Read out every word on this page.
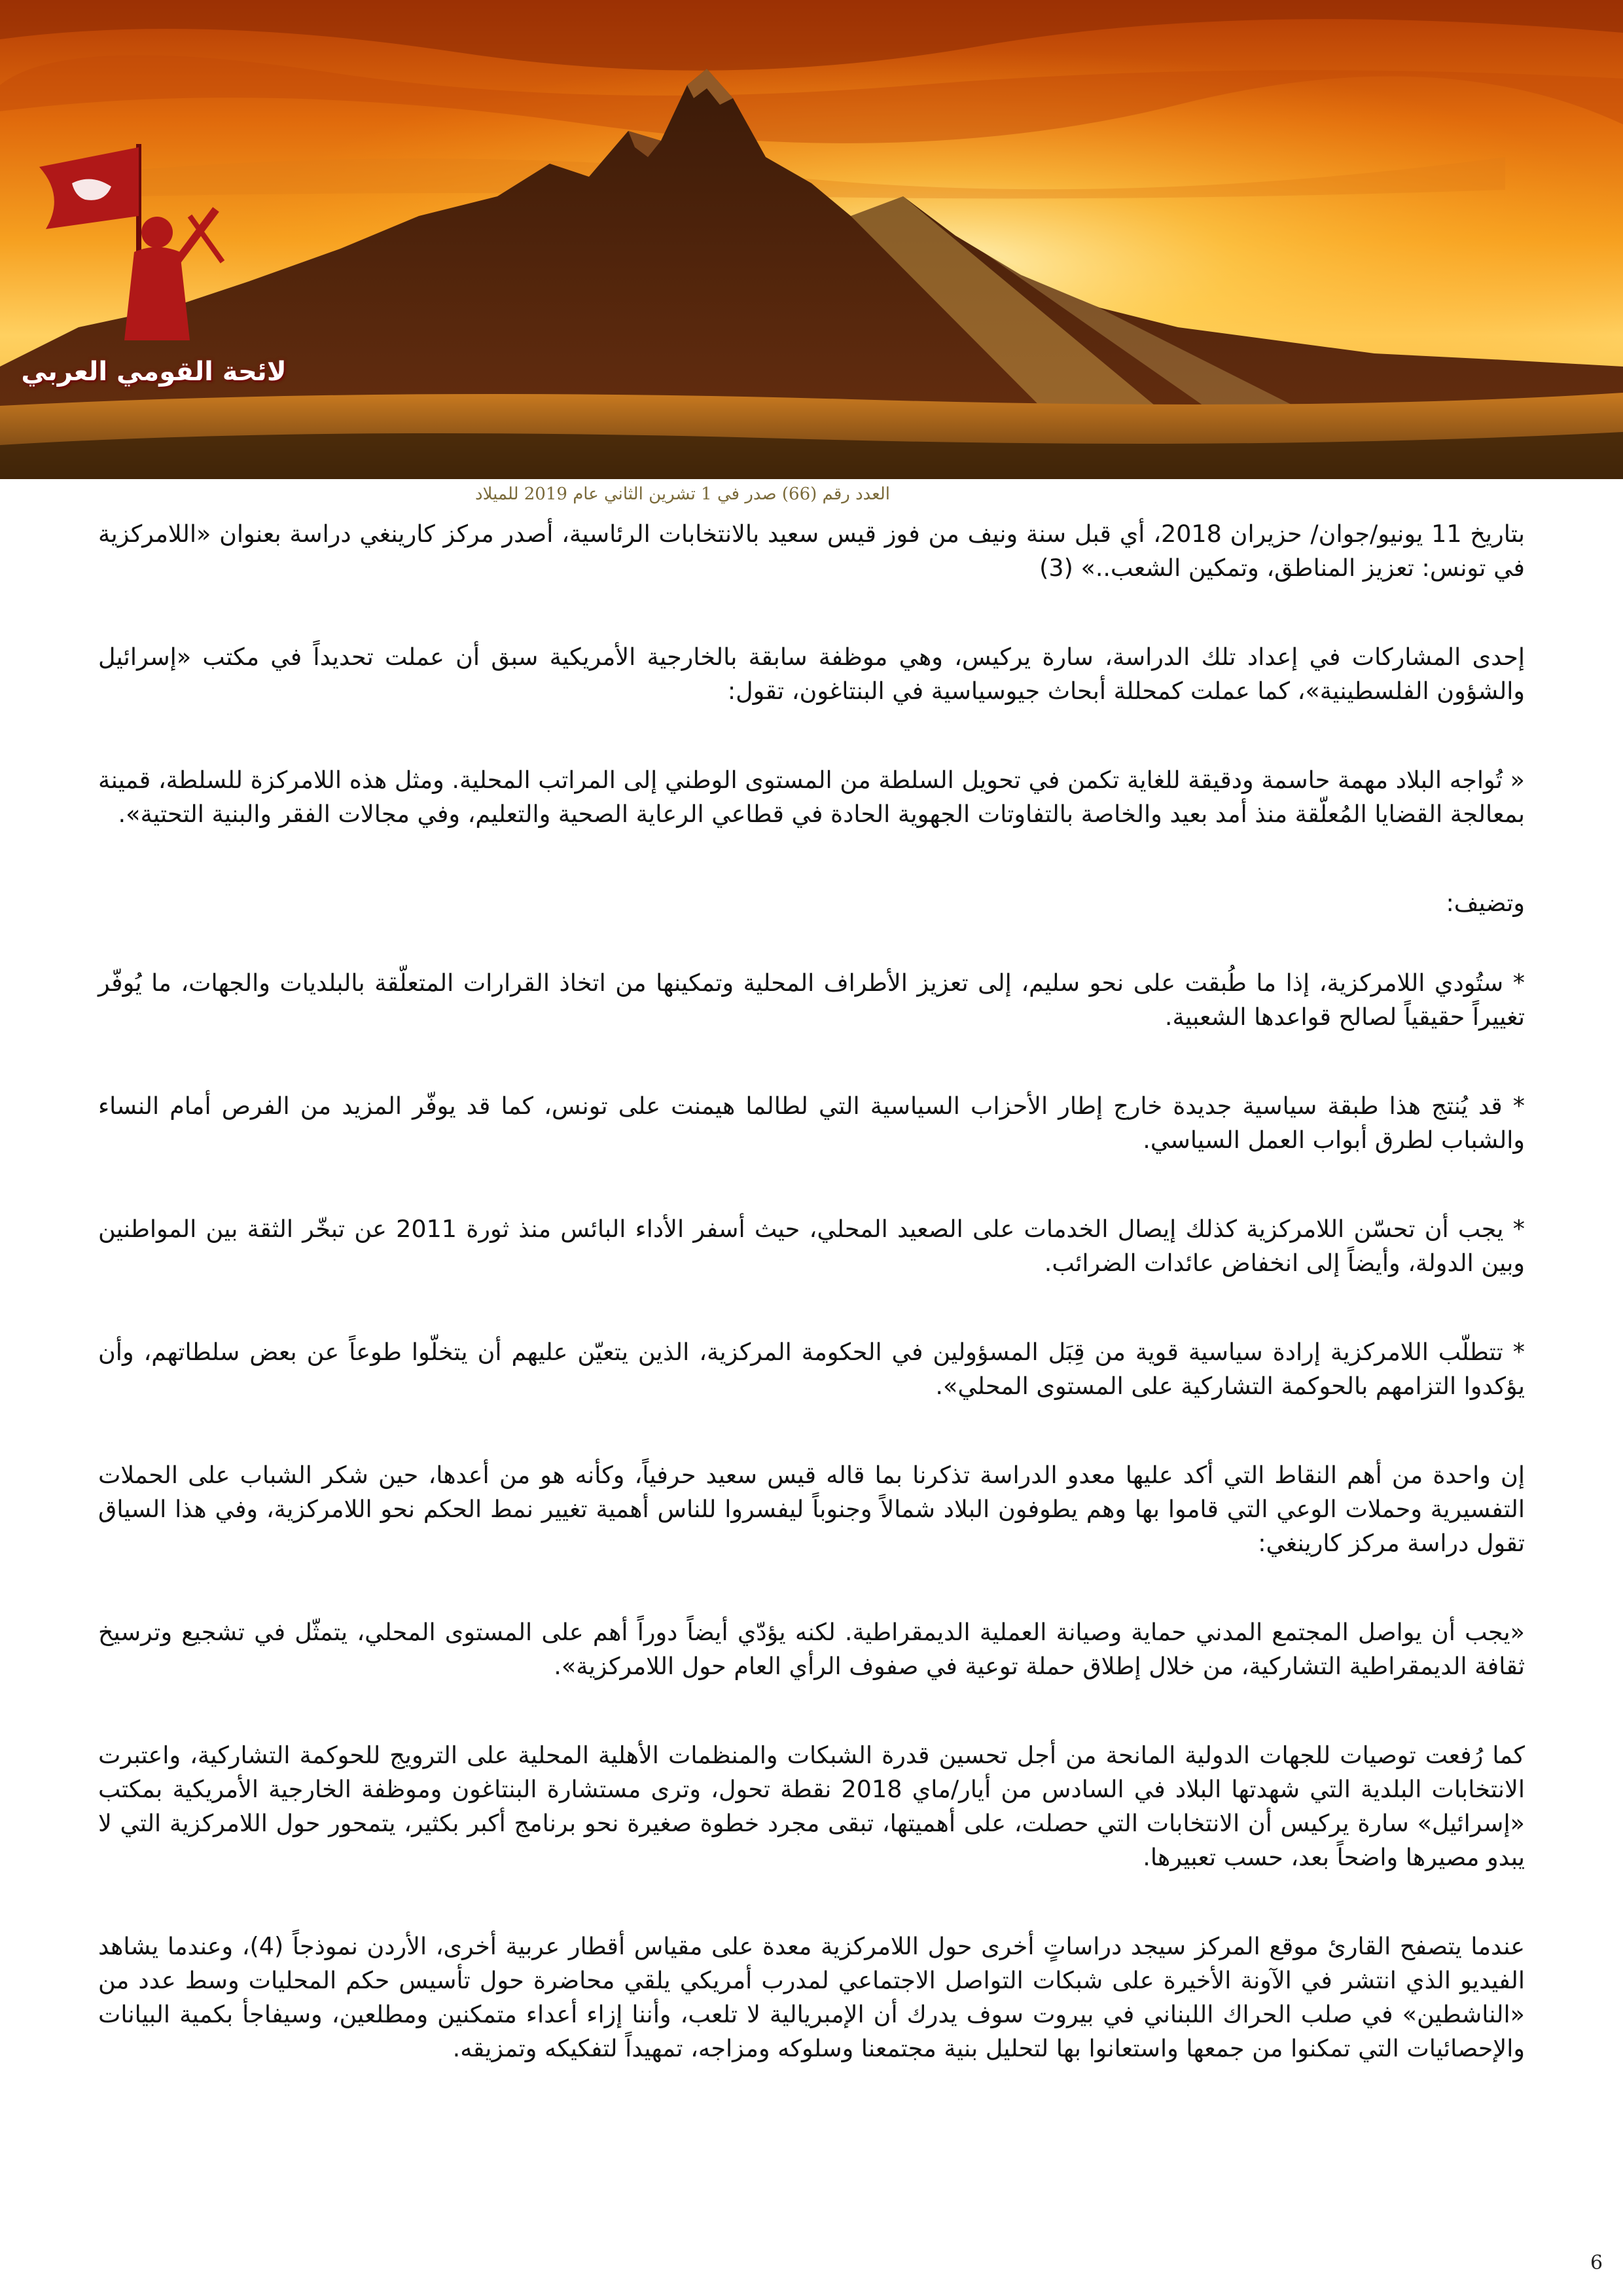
لائحة القومي العربي
العدد رقم (66) صدر في 1 تشرين الثاني عام 2019 للميلاد

بتاريخ 11 يونيو/جوان/ حزيران 2018، أي قبل سنة ونيف من فوز قيس سعيد بالانتخابات الرئاسية، أصدر مركز كارينغي دراسة بعنوان «اللامركزية في تونس: تعزيز المناطق، وتمكين الشعب..» (3)

إحدى المشاركات في إعداد تلك الدراسة، سارة يركيس، وهي موظفة سابقة بالخارجية الأمريكية سبق أن عملت تحديداً في مكتب «إسرائيل والشؤون الفلسطينية»، كما عملت كمحللة أبحاث جيوسياسية في البنتاغون، تقول:

« تُواجه البلاد مهمة حاسمة ودقيقة للغاية تكمن في تحويل السلطة من المستوى الوطني إلى المراتب المحلية. ومثل هذه اللامركزة للسلطة، قمينة بمعالجة القضايا المُعلّقة منذ أمد بعيد والخاصة بالتفاوتات الجهوية الحادة في قطاعي الرعاية الصحية والتعليم، وفي مجالات الفقر والبنية التحتية».

وتضيف:

* ستُودي اللامركزية، إذا ما طُبقت على نحو سليم، إلى تعزيز الأطراف المحلية وتمكينها من اتخاذ القرارات المتعلّقة بالبلديات والجهات، ما يُوفّر تغييراً حقيقياً لصالح قواعدها الشعبية.

* قد يُنتج هذا طبقة سياسية جديدة خارج إطار الأحزاب السياسية التي لطالما هيمنت على تونس، كما قد يوفّر المزيد من الفرص أمام النساء والشباب لطرق أبواب العمل السياسي.

* يجب أن تحسّن اللامركزية كذلك إيصال الخدمات على الصعيد المحلي، حيث أسفر الأداء البائس منذ ثورة 2011 عن تبخّر الثقة بين المواطنين وبين الدولة، وأيضاً إلى انخفاض عائدات الضرائب.

* تتطلّب اللامركزية إرادة سياسية قوية من قِبَل المسؤولين في الحكومة المركزية، الذين يتعيّن عليهم أن يتخلّوا طوعاً عن بعض سلطاتهم، وأن يؤكدوا التزامهم بالحوكمة التشاركية على المستوى المحلي».

إن واحدة من أهم النقاط التي أكد عليها معدو الدراسة تذكرنا بما قاله قيس سعيد حرفياً، وكأنه هو من أعدها، حين شكر الشباب على الحملات التفسيرية وحملات الوعي التي قاموا بها وهم يطوفون البلاد شمالاً وجنوباً ليفسروا للناس أهمية تغيير نمط الحكم نحو اللامركزية، وفي هذا السياق تقول دراسة مركز كارينغي:

«يجب أن يواصل المجتمع المدني حماية وصيانة العملية الديمقراطية. لكنه يؤدّي أيضاً دوراً أهم على المستوى المحلي، يتمثّل في تشجيع وترسيخ ثقافة الديمقراطية التشاركية، من خلال إطلاق حملة توعية في صفوف الرأي العام حول اللامركزية».

كما رُفعت توصيات للجهات الدولية المانحة من أجل تحسين قدرة الشبكات والمنظمات الأهلية المحلية على الترويج للحوكمة التشاركية، واعتبرت الانتخابات البلدية التي شهدتها البلاد في السادس من أيار/ماي 2018 نقطة تحول، وترى مستشارة البنتاغون وموظفة الخارجية الأمريكية بمكتب «إسرائيل» سارة يركيس أن الانتخابات التي حصلت، على أهميتها، تبقى مجرد خطوة صغيرة نحو برنامج أكبر بكثير، يتمحور حول اللامركزية التي لا يبدو مصيرها واضحاً بعد، حسب تعبيرها.

عندما يتصفح القارئ موقع المركز سيجد دراساتٍ أخرى حول اللامركزية معدة على مقياس أقطار عربية أخرى، الأردن نموذجاً (4)، وعندما يشاهد الفيديو الذي انتشر في الآونة الأخيرة على شبكات التواصل الاجتماعي لمدرب أمريكي يلقي محاضرة حول تأسيس حكم المحليات وسط عدد من «الناشطين» في صلب الحراك اللبناني في بيروت سوف يدرك أن الإمبريالية لا تلعب، وأننا إزاء أعداء متمكنين ومطلعين، وسيفاجأ بكمية البيانات والإحصائيات التي تمكنوا من جمعها واستعانوا بها لتحليل بنية مجتمعنا وسلوكه ومزاجه، تمهيداً لتفكيكه وتمزيقه.

6
